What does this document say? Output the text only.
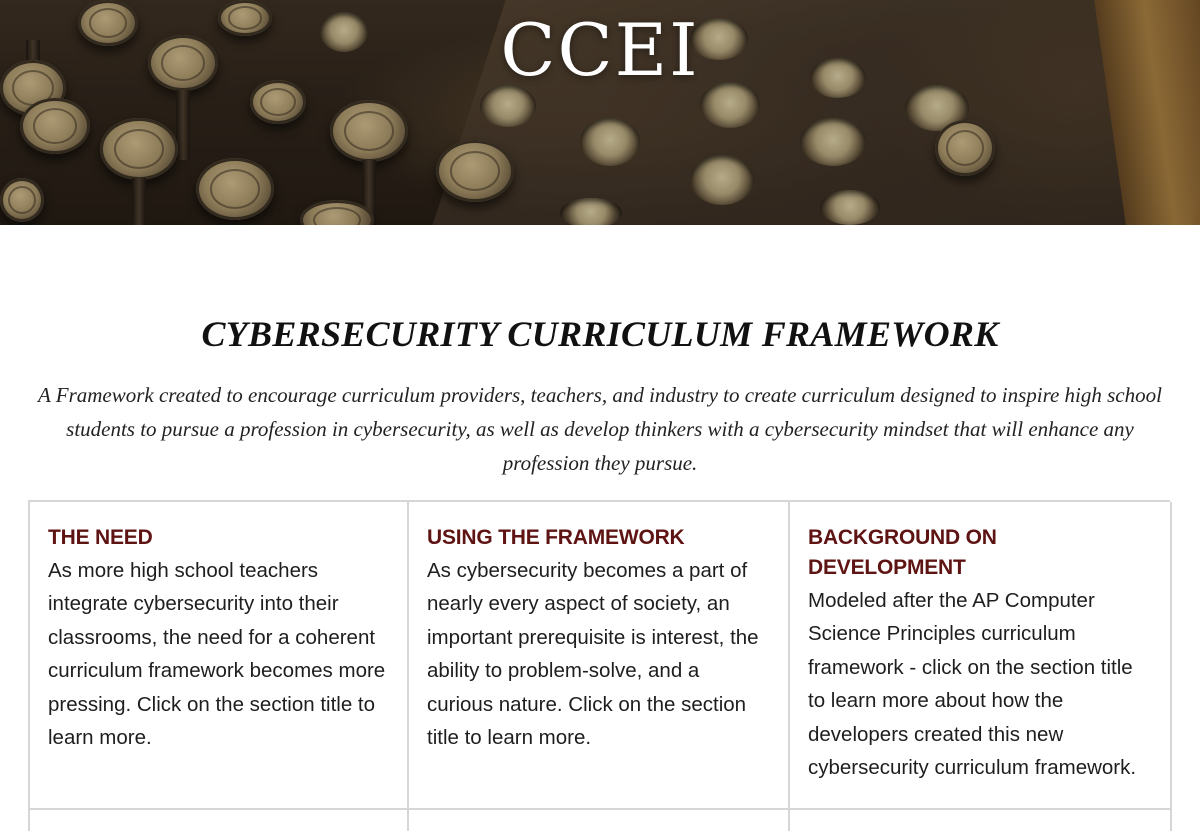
CCEI
CYBERSECURITY CURRICULUM FRAMEWORK

A Framework created to encourage curriculum providers, teachers, and industry to create curriculum designed to inspire high school students to pursue a profession in cybersecurity, as well as develop thinkers with a cybersecurity mindset that will enhance any profession they pursue.

THE NEED
As more high school teachers integrate cybersecurity into their classrooms, the need for a coherent curriculum framework becomes more pressing. Click on the section title to learn more.
USING THE FRAMEWORK
As cybersecurity becomes a part of nearly every aspect of society, an important prerequisite is interest, the ability to problem-solve, and a curious nature. Click on the section title to learn more.
BACKGROUND ON DEVELOPMENT
Modeled after the AP Computer Science Principles curriculum framework - click on the section title to learn more about how the developers created this new cybersecurity curriculum framework.
